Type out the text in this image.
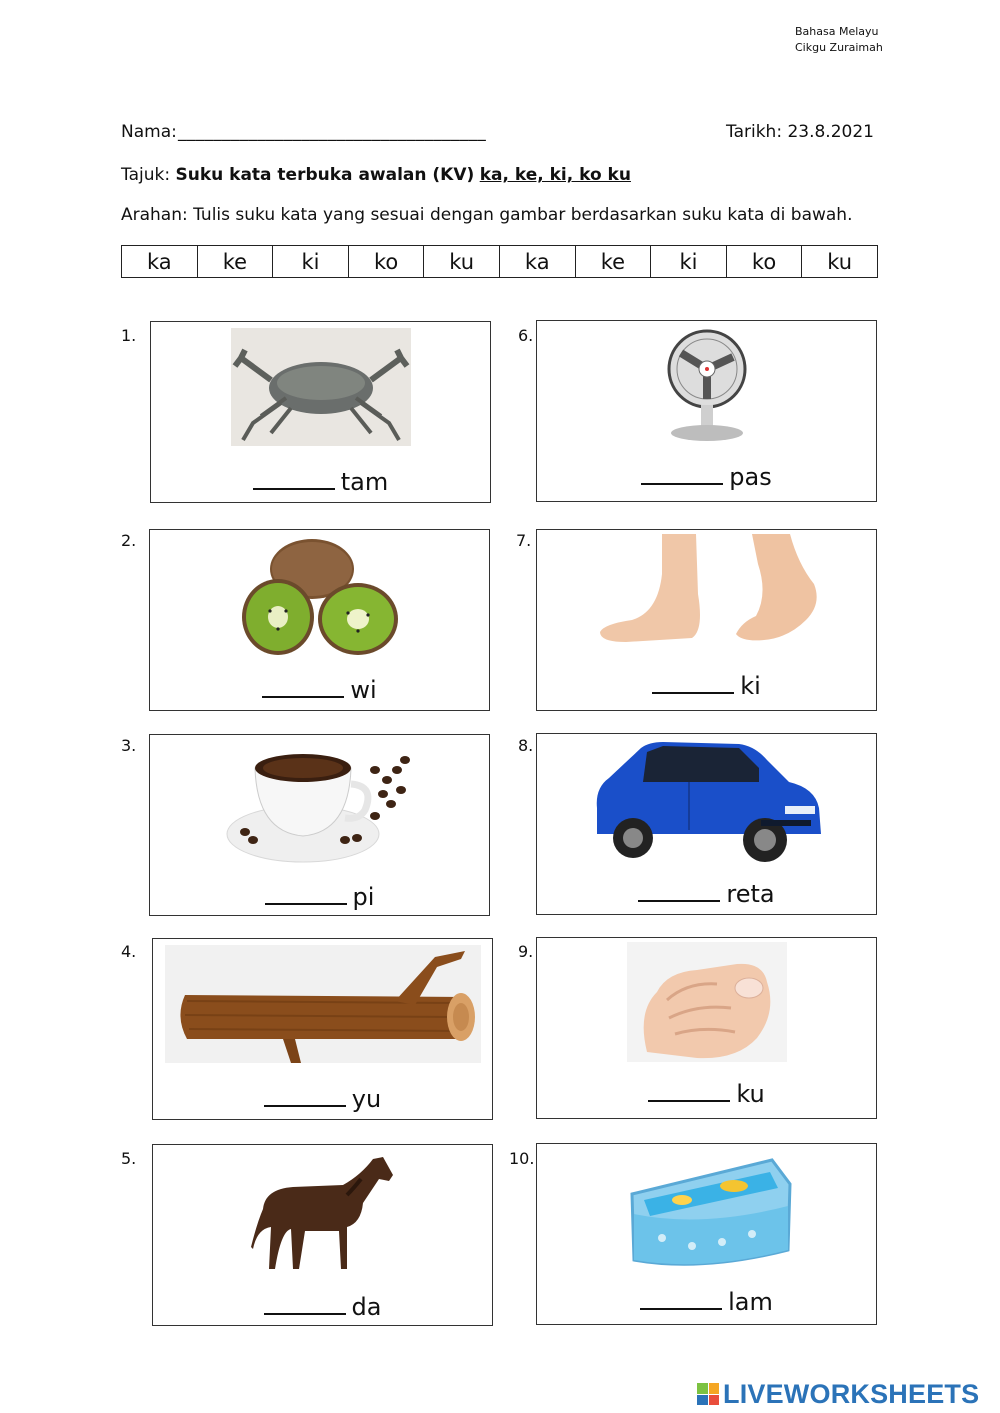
Bahasa Melayu
Cikgu Zuraimah
Nama: ___________________________________	Tarikh: 23.8.2021
Tajuk: Suku kata terbuka awalan (KV) ka, ke, ki, ko ku
Arahan: Tulis suku kata yang sesuai dengan gambar berdasarkan suku kata di bawah.
ka	ke	ki	ko	ku	ka	ke	ki	ko	ku
1.
tam
2.
wi
3.
pi
4.
yu
5.
da
6.
pas
7.
ki
8.
reta
9.
ku
10.
lam
LIVEWORKSHEETS
